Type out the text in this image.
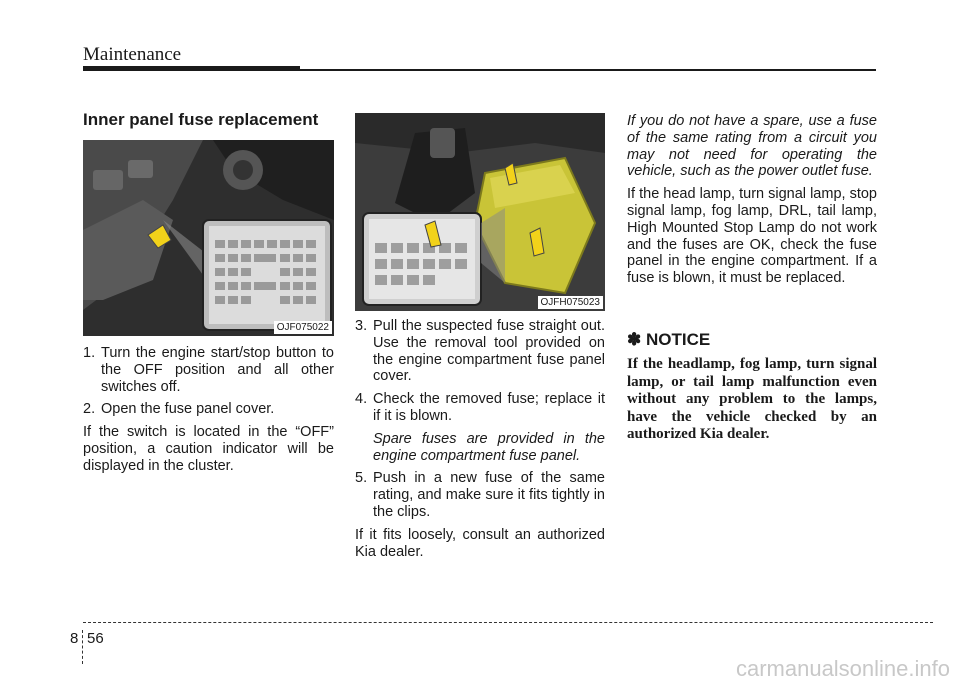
Maintenance
Inner panel fuse replacement
OJF075022
OJFH075023
1. Turn the engine start/stop button to the OFF position and all other switches off.
2. Open the fuse panel cover.

If the switch is located in the “OFF” position, a caution indicator will be displayed in the cluster.

3. Pull the suspected fuse straight out. Use the removal tool provided on the engine compartment fuse panel cover.
4. Check the removed fuse; replace it if it is blown.

Spare fuses are provided in the engine compartment fuse panel.

5. Push in a new fuse of the same rating, and make sure it fits tightly in the clips.

If it fits loosely, consult an authorized Kia dealer.

If you do not have a spare, use a fuse of the same rating from a circuit you may not need for operating the vehicle, such as the power outlet fuse.

If the head lamp, turn signal lamp, stop signal lamp, fog lamp, DRL, tail lamp, High Mounted Stop Lamp do not work and the fuses are OK, check the fuse panel in the engine compartment. If a fuse is blown, it must be replaced.

✽ NOTICE
If the headlamp, fog lamp, turn signal lamp, or tail lamp malfunction even without any problem to the lamps, have the vehicle checked by an authorized Kia dealer.
8 56
carmanualsonline.info
